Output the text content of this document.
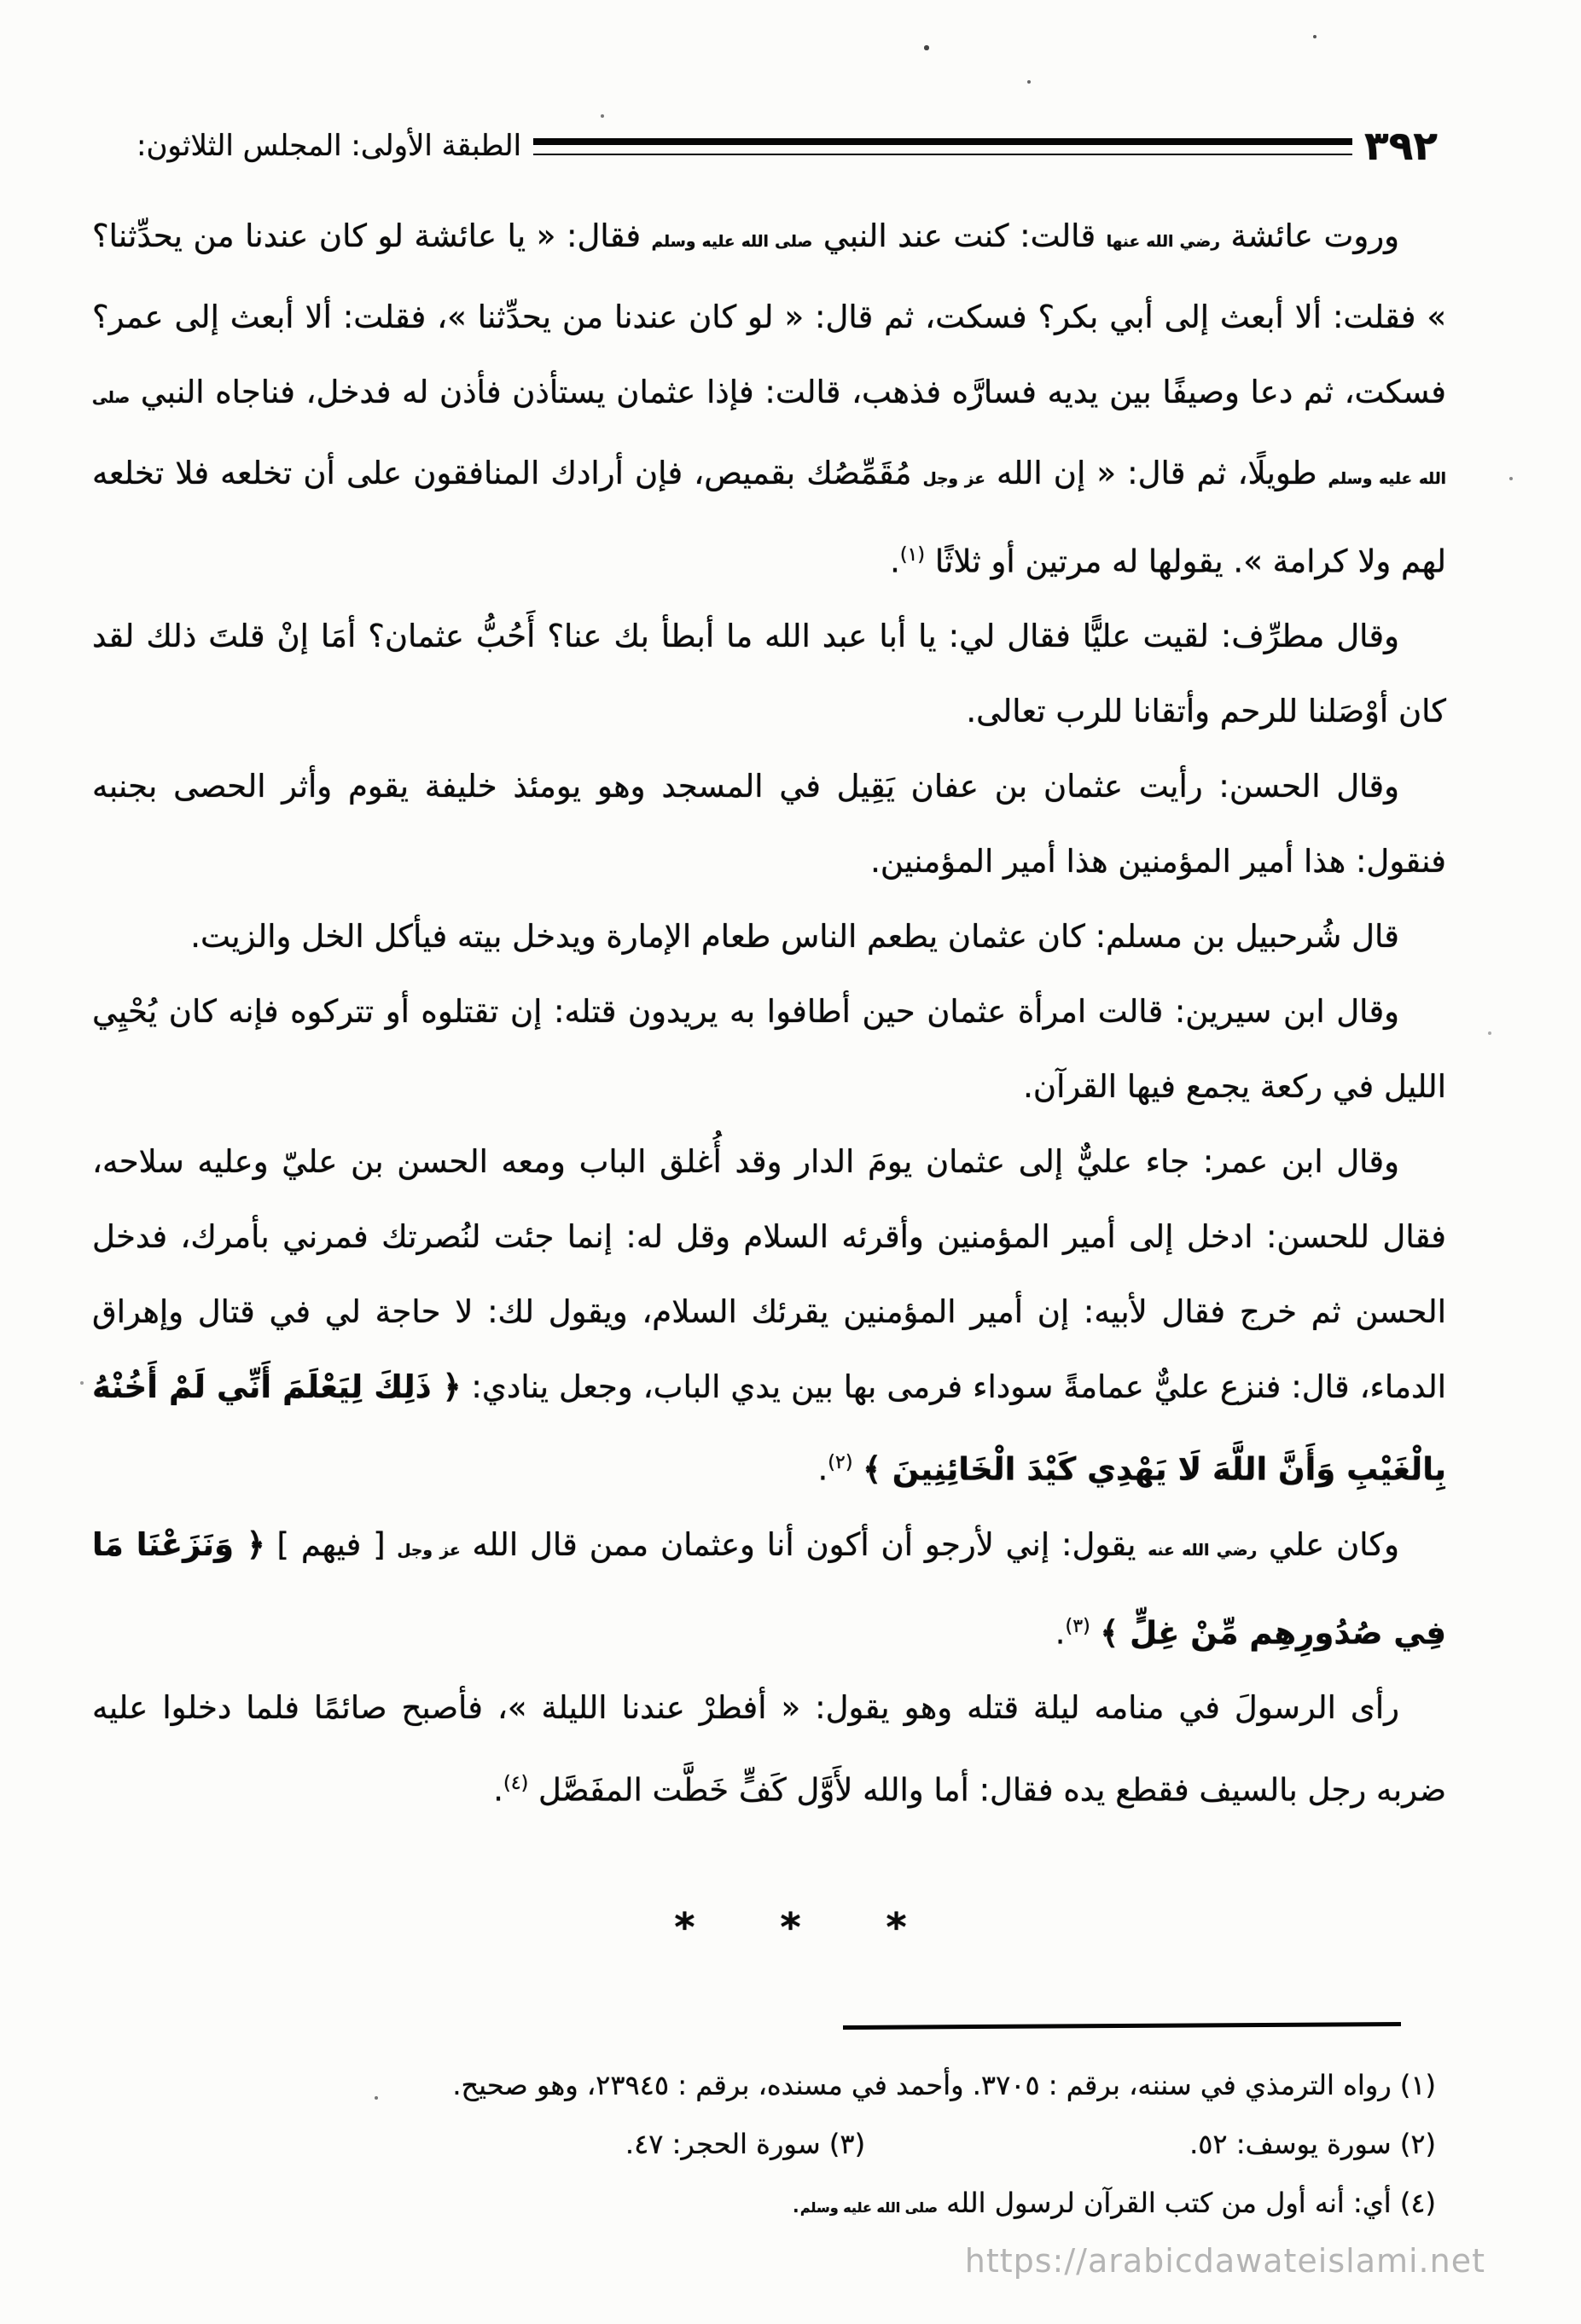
٣٩٢
الطبقة الأولى: المجلس الثلاثون:

وروت عائشة رضي الله عنها قالت: كنت عند النبي صلى الله عليه وسلم فقال: « يا عائشة لو كان عندنا من يحدِّثنا؟ » فقلت: ألا أبعث إلى أبي بكر؟ فسكت، ثم قال: « لو كان عندنا من يحدِّثنا »، فقلت: ألا أبعث إلى عمر؟ فسكت، ثم دعا وصيفًا بين يديه فسارَّه فذهب، قالت: فإذا عثمان يستأذن فأذن له فدخل، فناجاه النبي صلى الله عليه وسلم طويلًا، ثم قال: « إن الله عز وجل مُقَمِّصُك بقميص، فإن أرادك المنافقون على أن تخلعه فلا تخلعه لهم ولا كرامة ». يقولها له مرتين أو ثلاثًا $^{(١)}$.

وقال مطرِّف: لقيت عليًّا فقال لي: يا أبا عبد الله ما أبطأ بك عنا؟ أَحُبُّ عثمان؟ أمَا إنْ قلتَ ذلك لقد كان أوْصَلنا للرحم وأتقانا للرب تعالى.

وقال الحسن: رأيت عثمان بن عفان يَقِيل في المسجد وهو يومئذ خليفة يقوم وأثر الحصى بجنبه فنقول: هذا أمير المؤمنين هذا أمير المؤمنين.

قال شُرحبيل بن مسلم: كان عثمان يطعم الناس طعام الإمارة ويدخل بيته فيأكل الخل والزيت.

وقال ابن سيرين: قالت امرأة عثمان حين أطافوا به يريدون قتله: إن تقتلوه أو تتركوه فإنه كان يُحْيِي الليل في ركعة يجمع فيها القرآن.

وقال ابن عمر: جاء عليٌّ إلى عثمان يومَ الدار وقد أُغلق الباب ومعه الحسن بن عليّ وعليه سلاحه، فقال للحسن: ادخل إلى أمير المؤمنين وأقرئه السلام وقل له: إنما جئت لنُصرتك فمرني بأمرك، فدخل الحسن ثم خرج فقال لأبيه: إن أمير المؤمنين يقرئك السلام، ويقول لك: لا حاجة لي في قتال وإهراق الدماء، قال: فنزع عليٌّ عمامةً سوداء فرمى بها بين يدي الباب، وجعل ينادي: ﴿ ذَلِكَ لِيَعْلَمَ أَنِّي لَمْ أَخُنْهُ بِالْغَيْبِ وَأَنَّ اللَّهَ لَا يَهْدِي كَيْدَ الْخَائِنِينَ ﴾ $^{(٢)}$.

وكان علي رضي الله عنه يقول: إني لأرجو أن أكون أنا وعثمان ممن قال الله عز وجل [ فيهم ] ﴿ وَنَزَعْنَا مَا فِي صُدُورِهِم مِّنْ غِلٍّ ﴾ $^{(٣)}$.

رأى الرسولَ في منامه ليلة قتله وهو يقول: « أفطرْ عندنا الليلة »، فأصبح صائمًا فلما دخلوا عليه ضربه رجل بالسيف فقطع يده فقال: أما والله لأَوَّل كَفٍّ خَطَّت المفَصَّل $^{(٤)}$.

* * *
(١) رواه الترمذي في سننه، برقم : ٣٧٠٥. وأحمد في مسنده، برقم : ٢٣٩٤٥، وهو صحيح.
(٢) سورة يوسف: ٥٢.
(٣) سورة الحجر: ٤٧.
(٤) أي: أنه أول من كتب القرآن لرسول الله صلى الله عليه وسلم.
https://arabicdawateislami.net
